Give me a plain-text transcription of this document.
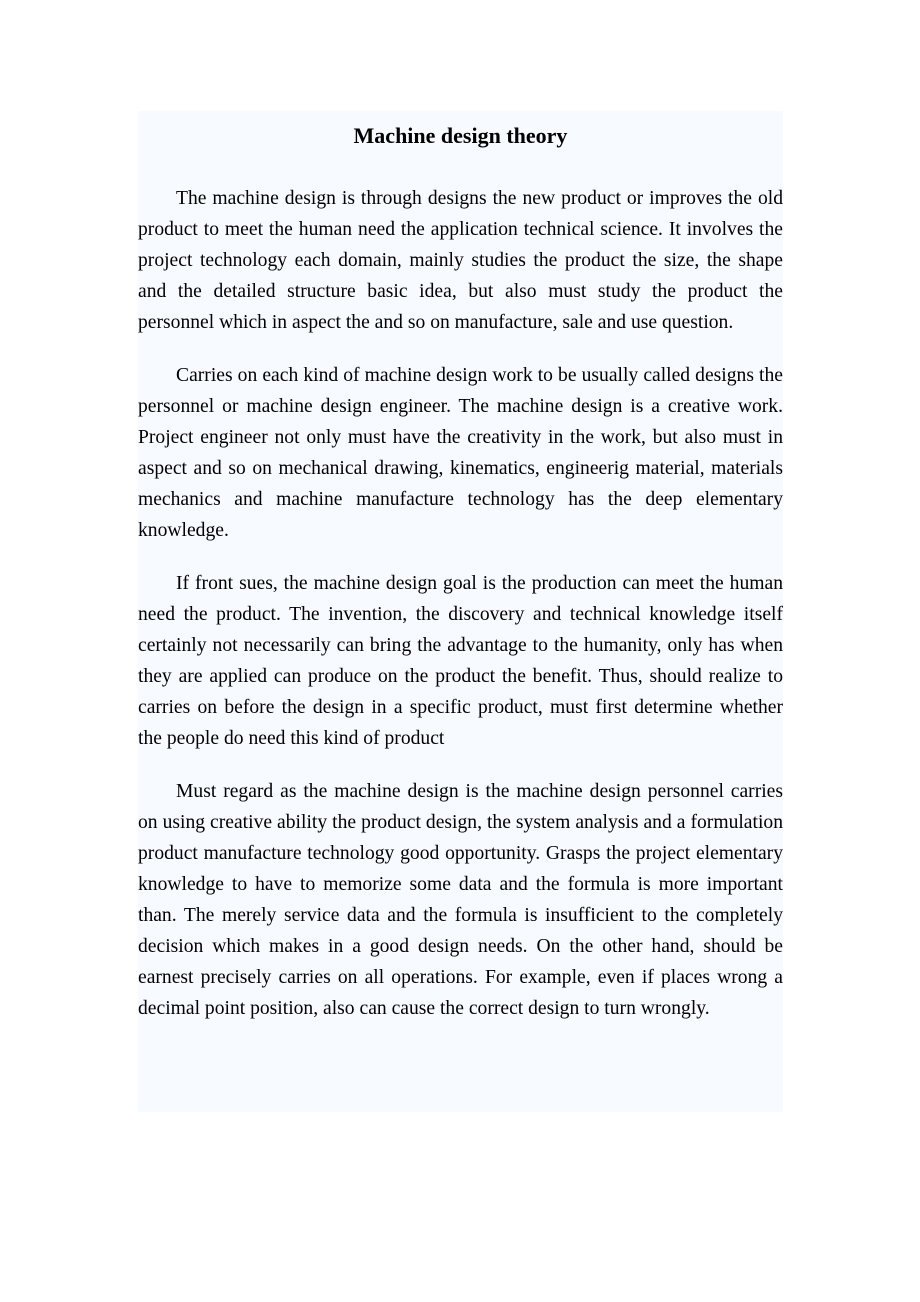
Machine design theory

The machine design is through designs the new product or improves the old product to meet the human need the application technical science. It involves the project technology each domain, mainly studies the product the size, the shape and the detailed structure basic idea, but also must study the product the personnel which in aspect the and so on manufacture, sale and use question.

Carries on each kind of machine design work to be usually called designs the personnel or machine design engineer. The machine design is a creative work. Project engineer not only must have the creativity in the work, but also must in aspect and so on mechanical drawing, kinematics, engineerig material, materials mechanics and machine manufacture technology has the deep elementary knowledge.

If front sues, the machine design goal is the production can meet the human need the product. The invention, the discovery and technical knowledge itself certainly not necessarily can bring the advantage to the humanity, only has when they are applied can produce on the product the benefit. Thus, should realize to carries on before the design in a specific product, must first determine whether the people do need this kind of product

Must regard as the machine design is the machine design personnel carries on using creative ability the product design, the system analysis and a formulation product manufacture technology good opportunity. Grasps the project elementary knowledge to have to memorize some data and the formula is more important than. The merely service data and the formula is insufficient to the completely decision which makes in a good design needs. On the other hand, should be earnest precisely carries on all operations. For example, even if places wrong a decimal point position, also can cause the correct design to turn wrongly.
